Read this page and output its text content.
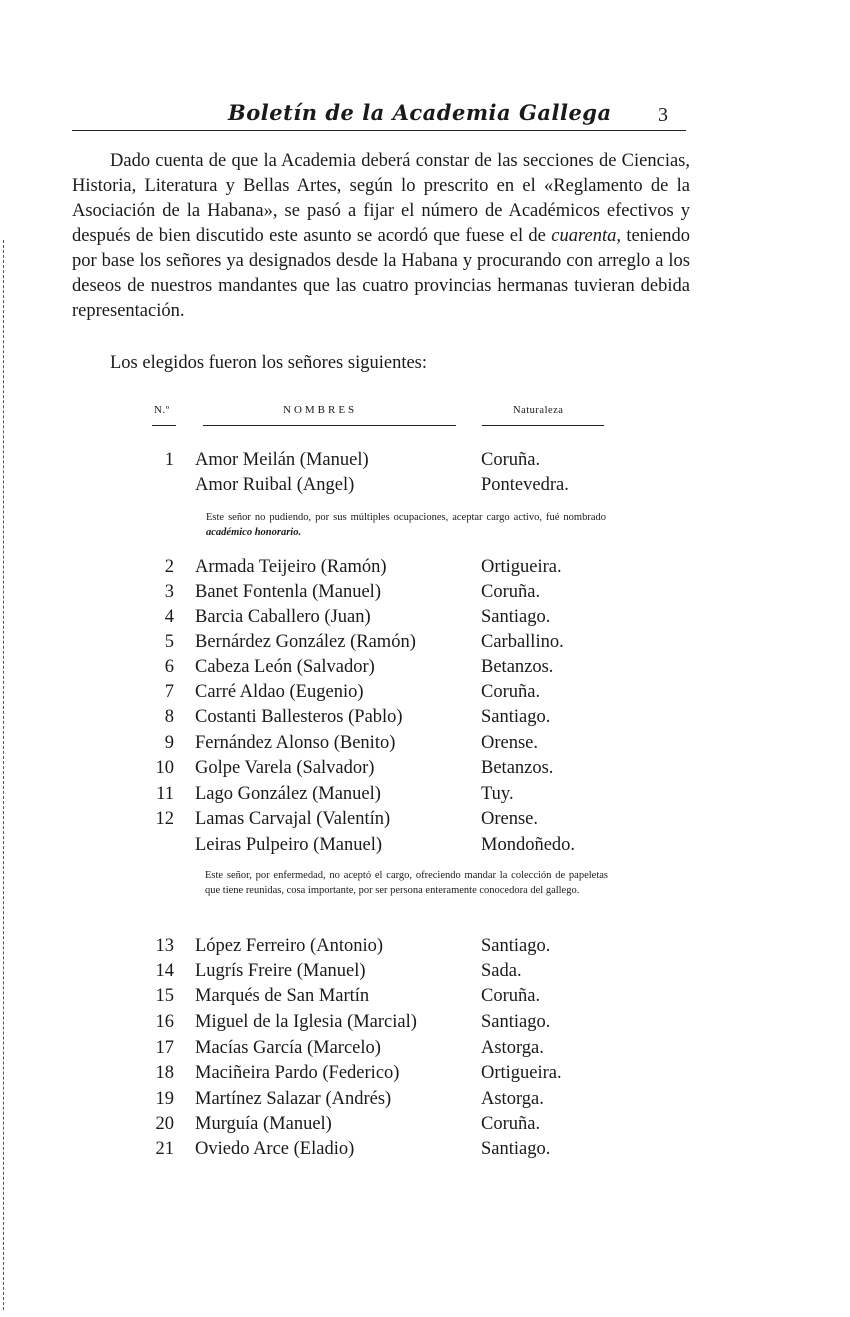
Boletín de la Academia Gallega 3

Dado cuenta de que la Academia deberá constar de las secciones de Ciencias, Historia, Literatura y Bellas Artes, según lo prescrito en el «Reglamento de la Asociación de la Habana», se pasó a fijar el número de Académicos efectivos y después de bien discutido este asunto se acordó que fuese el de cuarenta, teniendo por base los señores ya designados desde la Habana y procurando con arreglo a los deseos de nuestros mandantes que las cuatro provincias hermanas tuvieran debida representación.

Los elegidos fueron los señores siguientes:

N.º	NOMBRES	Naturaleza
1 Amor Meilán (Manuel)	Coruña.
Amor Ruibal (Angel)	Pontevedra.
2 Armada Teijeiro (Ramón)	Ortigueira.
3 Banet Fontenla (Manuel)	Coruña.
4 Barcia Caballero (Juan)	Santiago.
5 Bernárdez González (Ramón)	Carballino.
6 Cabeza León (Salvador)	Betanzos.
7 Carré Aldao (Eugenio)	Coruña.
8 Costanti Ballesteros (Pablo)	Santiago.
9 Fernández Alonso (Benito)	Orense.
10 Golpe Varela (Salvador)	Betanzos.
11 Lago González (Manuel)	Tuy.
12 Lamas Carvajal (Valentín)	Orense.
Leiras Pulpeiro (Manuel)	Mondoñedo.
13 López Ferreiro (Antonio)	Santiago.
14 Lugrís Freire (Manuel)	Sada.
15 Marqués de San Martín	Coruña.
16 Miguel de la Iglesia (Marcial)	Santiago.
17 Macías García (Marcelo)	Astorga.
18 Maciñeira Pardo (Federico)	Ortigueira.
19 Martínez Salazar (Andrés)	Astorga.
20 Murguía (Manuel)	Coruña.
21 Oviedo Arce (Eladio)	Santiago.

Este señor no pudiendo, por sus múltiples ocupaciones, aceptar cargo activo, fué nombrado académico honorario.

Este señor, por enfermedad, no aceptó el cargo, ofreciendo mandar la colección de papeletas que tiene reunidas, cosa importante, por ser persona enteramente conocedora del gallego.
